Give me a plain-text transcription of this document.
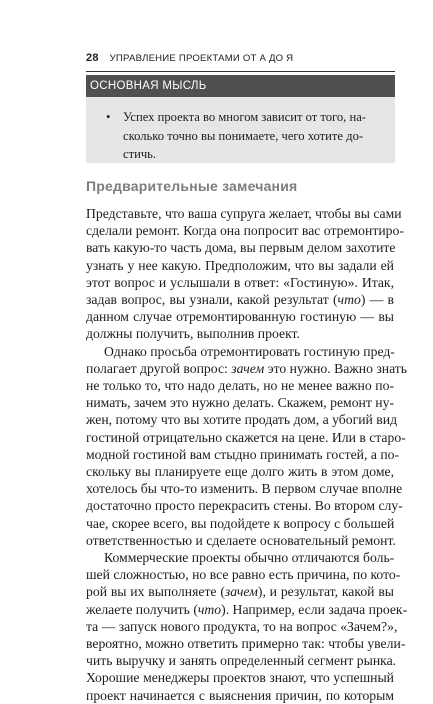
28 УПРАВЛЕНИЕ ПРОЕКТАМИ ОТ А ДО Я
ОСНОВНАЯ МЫСЛЬ
• Успех проекта во многом зависит от того, на-
сколько точно вы понимаете, чего хотите до-
стичь.
Предварительные замечания
Представьте, что ваша супруга желает, чтобы вы сами
сделали ремонт. Когда она попросит вас отремонтиро-
вать какую-то часть дома, вы первым делом захотите
узнать у нее какую. Предположим, что вы задали ей
этот вопрос и услышали в ответ: «Гостиную». Итак,
задав вопрос, вы узнали, какой результат (что) — в
данном случае отремонтированную гостиную — вы
должны получить, выполнив проект.
Однако просьба отремонтировать гостиную пред-
полагает другой вопрос: зачем это нужно. Важно знать
не только то, что надо делать, но не менее важно по-
нимать, зачем это нужно делать. Скажем, ремонт ну-
жен, потому что вы хотите продать дом, а убогий вид
гостиной отрицательно скажется на цене. Или в старо-
модной гостиной вам стыдно принимать гостей, а по-
скольку вы планируете еще долго жить в этом доме,
хотелось бы что-то изменить. В первом случае вполне
достаточно просто перекрасить стены. Во втором слу-
чае, скорее всего, вы подойдете к вопросу с большей
ответственностью и сделаете основательный ремонт.
Коммерческие проекты обычно отличаются боль-
шей сложностью, но все равно есть причина, по кото-
рой вы их выполняете (зачем), и результат, какой вы
желаете получить (что). Например, если задача проек-
та — запуск нового продукта, то на вопрос «Зачем?»,
вероятно, можно ответить примерно так: чтобы увели-
чить выручку и занять определенный сегмент рынка.
Хорошие менеджеры проектов знают, что успешный
проект начинается с выяснения причин, по которым
